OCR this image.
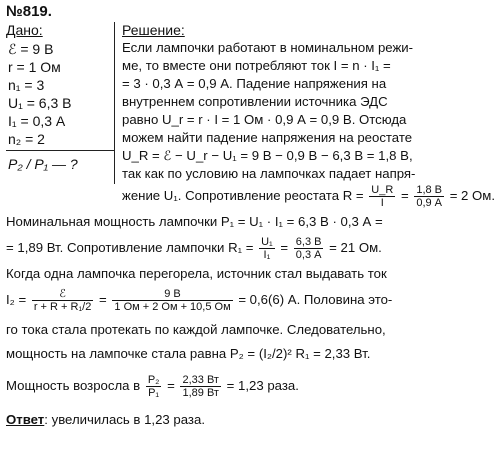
№819.
Дано:	Решение:
ℰ = 9 В
r = 1 Ом
n₁ = 3
U₁ = 6,3 В
I₁ = 0,3 А
n₂ = 2
P₂ / P₁ — ?
Если лампочки работают в номинальном режи-
ме, то вместе они потребляют ток I = n · I₁ =
= 3 · 0,3 А = 0,9 А. Падение напряжения на
внутреннем сопротивлении источника ЭДС
равно U_r = r · I = 1 Ом · 0,9 А = 0,9 В. Отсюда
можем найти падение напряжения на реостате
U_R = ℰ − U_r − U₁ = 9 В − 0,9 В − 6,3 В = 1,8 В,
так как по условию на лампочках падает напря-
жение U₁. Сопротивление реостата $R = \frac{U\_R}{I} = \frac{1,8 В}{0,9 А} = 2$ Ом.
Номинальная мощность лампочки P₁ = U₁ · I₁ = 6,3 В · 0,3 А =
= 1,89 Вт. Сопротивление лампочки $R_1 = \frac{\text{U₁}}{\text{I₁}} = \frac{6,3 В}{0,3 А} = 21$ Ом.
Когда одна лампочка перегорела, источник стал выдавать ток
$I_2 = \frac{\text{ℰ}}{\text{r + R + R₁/2}} = \frac{9 В}{1 Ом + 2 Ом + 10,5 Ом} = 0,6(6)$ А. Половина это-
го тока стала протекать по каждой лампочке. Следовательно,
мощность на лампочке стала равна P₂ = (I₂/2)² R₁ = 2,33 Вт.
Мощность возросла в $\frac{\text{P₂}}{\text{P₁}} = \frac{2,33 Вт}{1,89 Вт} = 1,23$ раза.
Ответ: увеличилась в 1,23 раза.
